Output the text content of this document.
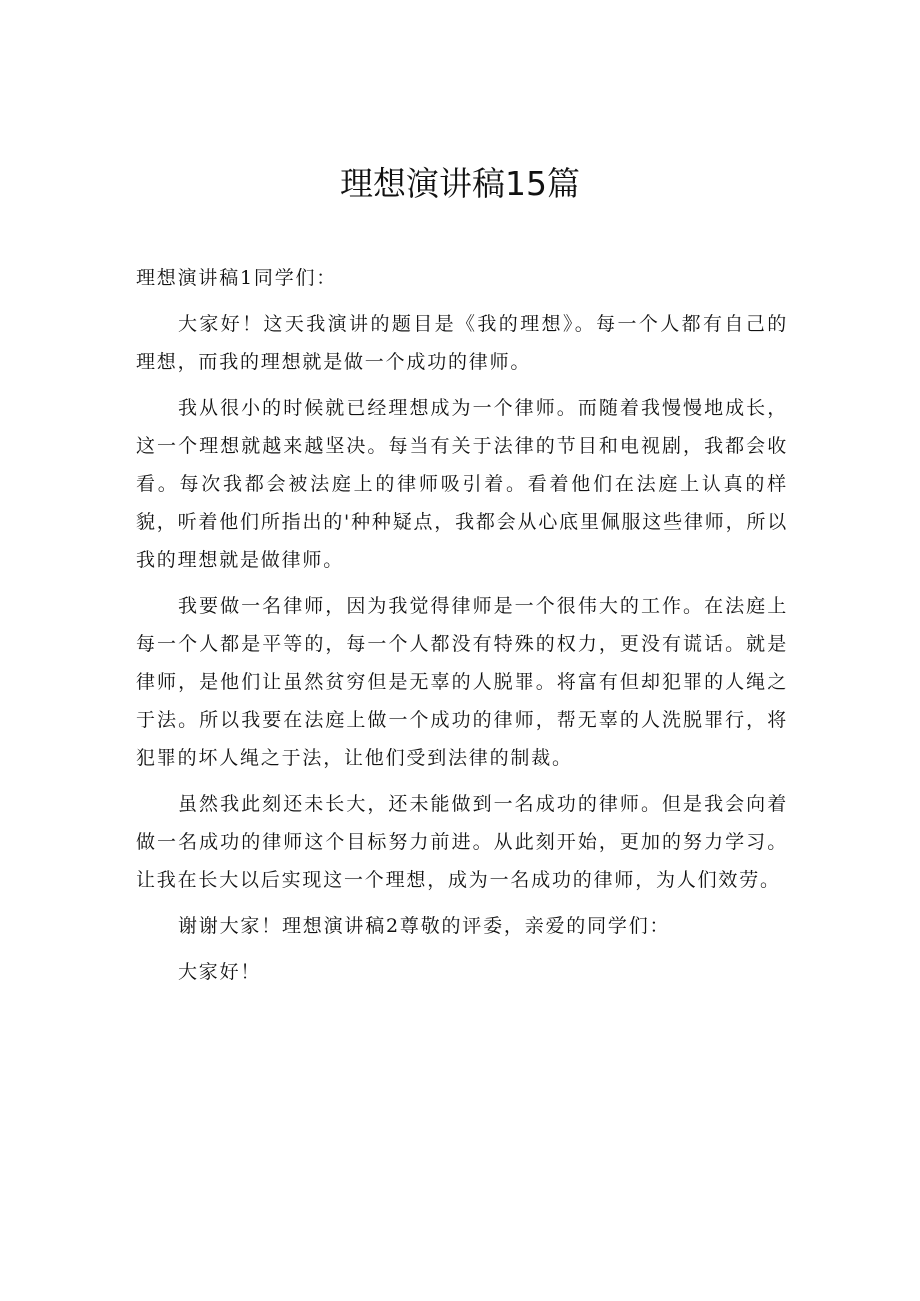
理想演讲稿15篇

理想演讲稿1同学们：

大家好！这天我演讲的题目是《我的理想》。每一个人都有自己的理想，而我的理想就是做一个成功的律师。

我从很小的时候就已经理想成为一个律师。而随着我慢慢地成长，这一个理想就越来越坚决。每当有关于法律的节目和电视剧，我都会收看。每次我都会被法庭上的律师吸引着。看着他们在法庭上认真的样貌，听着他们所指出的'种种疑点，我都会从心底里佩服这些律师，所以我的理想就是做律师。

我要做一名律师，因为我觉得律师是一个很伟大的工作。在法庭上每一个人都是平等的，每一个人都没有特殊的权力，更没有谎话。就是律师，是他们让虽然贫穷但是无辜的人脱罪。将富有但却犯罪的人绳之于法。所以我要在法庭上做一个成功的律师，帮无辜的人洗脱罪行，将犯罪的坏人绳之于法，让他们受到法律的制裁。

虽然我此刻还未长大，还未能做到一名成功的律师。但是我会向着做一名成功的律师这个目标努力前进。从此刻开始，更加的努力学习。让我在长大以后实现这一个理想，成为一名成功的律师，为人们效劳。

谢谢大家！理想演讲稿2尊敬的评委，亲爱的同学们：

大家好！
